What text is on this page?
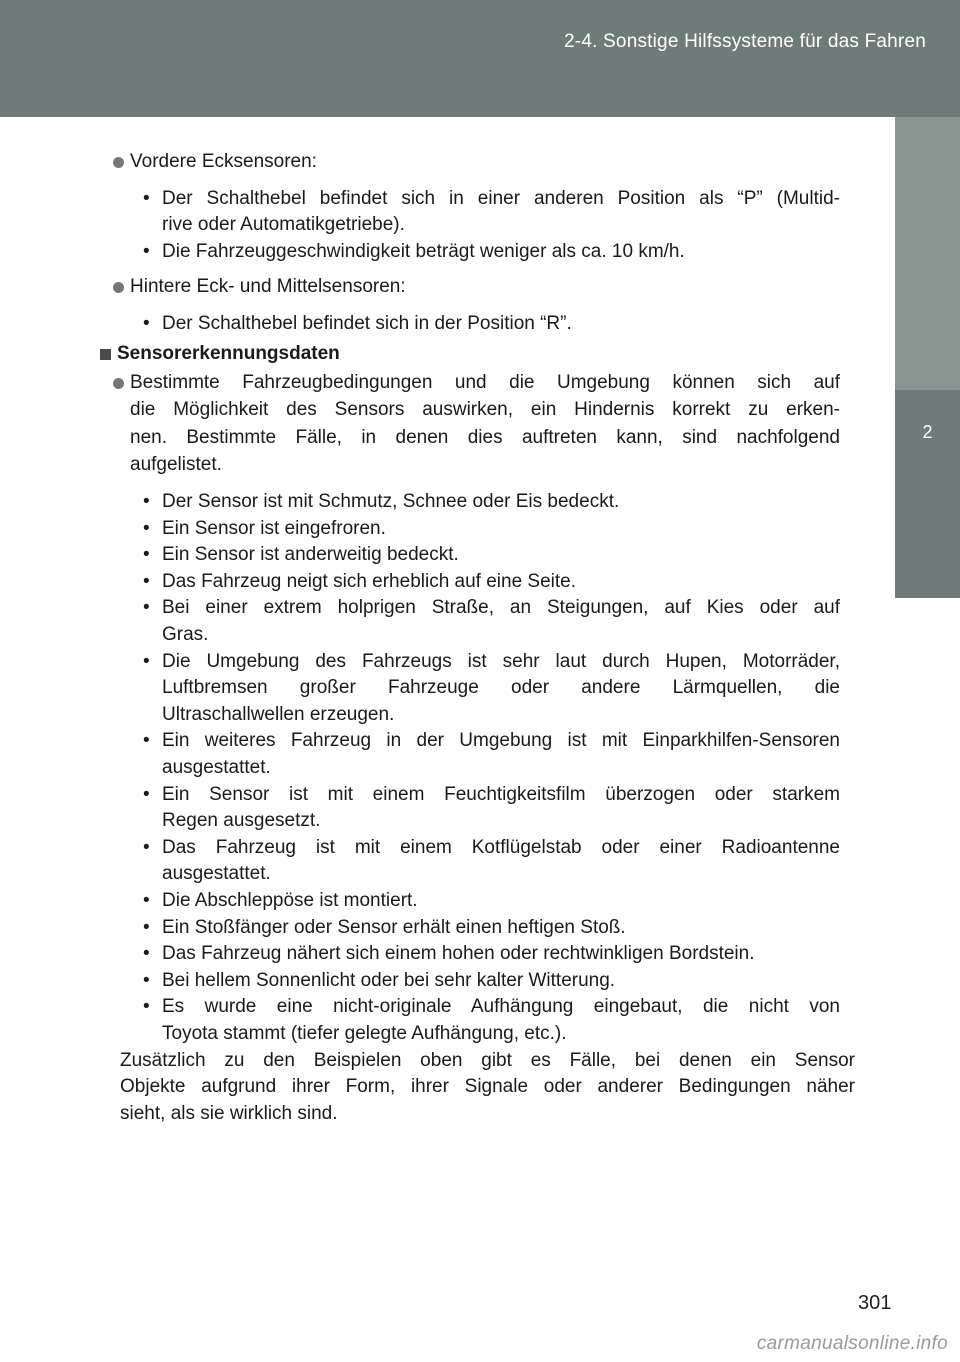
2-4. Sonstige Hilfssysteme für das Fahren
2
Fahrbetrieb
Vordere Ecksensoren:
• Der Schalthebel befindet sich in einer anderen Position als “P” (Multid-
rive oder Automatikgetriebe).
• Die Fahrzeuggeschwindigkeit beträgt weniger als ca. 10 km/h.
Hintere Eck- und Mittelsensoren:
• Der Schalthebel befindet sich in der Position “R”.
Sensorerkennungsdaten
Bestimmte Fahrzeugbedingungen und die Umgebung können sich auf
die Möglichkeit des Sensors auswirken, ein Hindernis korrekt zu erken-
nen. Bestimmte Fälle, in denen dies auftreten kann, sind nachfolgend
aufgelistet.
• Der Sensor ist mit Schmutz, Schnee oder Eis bedeckt.
• Ein Sensor ist eingefroren.
• Ein Sensor ist anderweitig bedeckt.
• Das Fahrzeug neigt sich erheblich auf eine Seite.
• Bei einer extrem holprigen Straße, an Steigungen, auf Kies oder auf
Gras.
• Die Umgebung des Fahrzeugs ist sehr laut durch Hupen, Motorräder,
Luftbremsen großer Fahrzeuge oder andere Lärmquellen, die
Ultraschallwellen erzeugen.
• Ein weiteres Fahrzeug in der Umgebung ist mit Einparkhilfen-Sensoren
ausgestattet.
• Ein Sensor ist mit einem Feuchtigkeitsfilm überzogen oder starkem
Regen ausgesetzt.
• Das Fahrzeug ist mit einem Kotflügelstab oder einer Radioantenne
ausgestattet.
• Die Abschleppöse ist montiert.
• Ein Stoßfänger oder Sensor erhält einen heftigen Stoß.
• Das Fahrzeug nähert sich einem hohen oder rechtwinkligen Bordstein.
• Bei hellem Sonnenlicht oder bei sehr kalter Witterung.
• Es wurde eine nicht-originale Aufhängung eingebaut, die nicht von
Toyota stammt (tiefer gelegte Aufhängung, etc.).
Zusätzlich zu den Beispielen oben gibt es Fälle, bei denen ein Sensor
Objekte aufgrund ihrer Form, ihrer Signale oder anderer Bedingungen näher
sieht, als sie wirklich sind.
301
carmanualsonline.info
